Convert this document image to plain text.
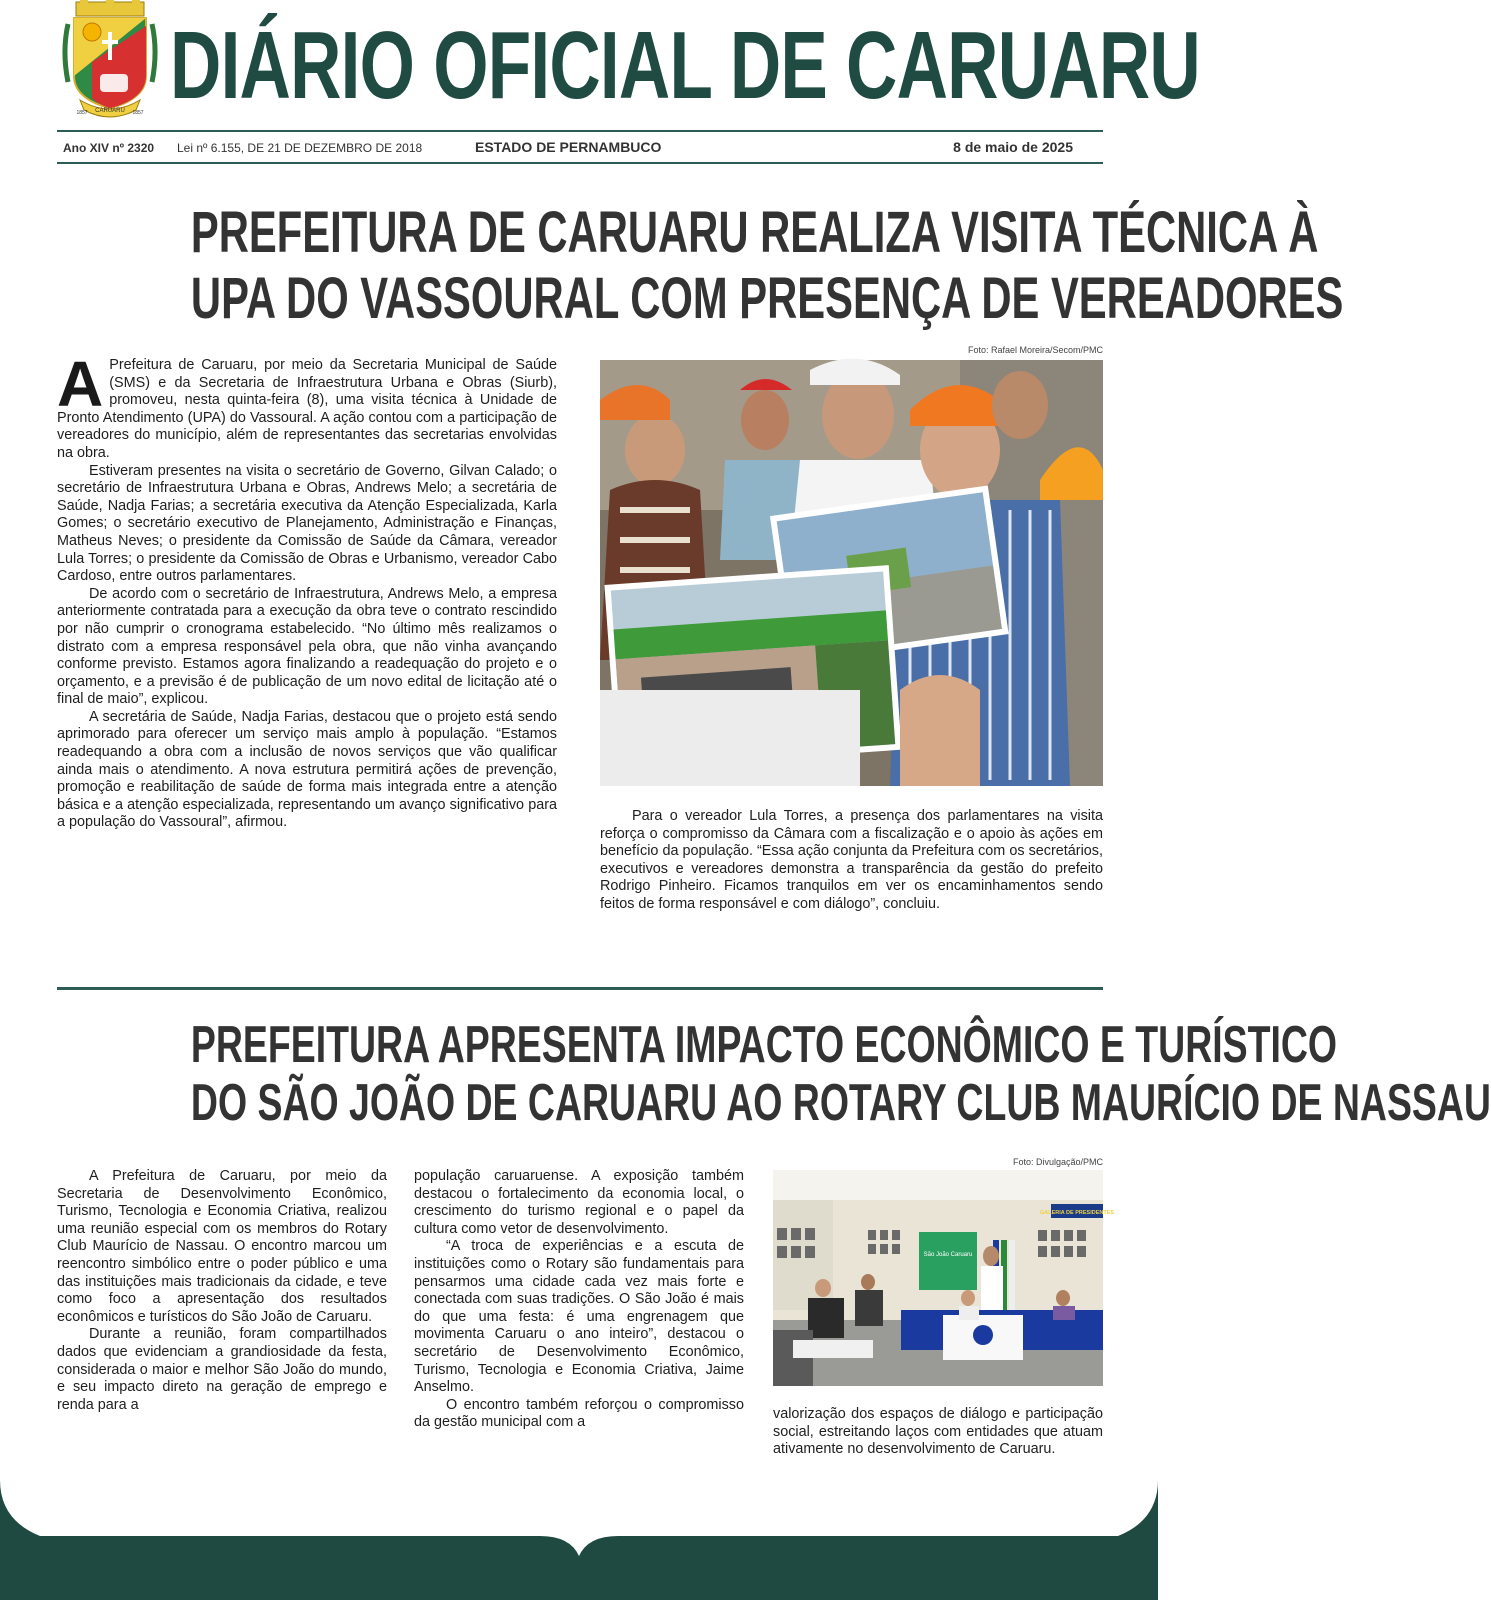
CARUARU
1857	1857 DIÁRIO OFICIAL DE CARUARU
Ano XIV nº 2320 Lei nº 6.155, DE 21 DE DEZEMBRO DE 2018	ESTADO DE PERNAMBUCO	8 de maio de 2025
PREFEITURA DE CARUARU REALIZA VISITA TÉCNICA À
UPA DO VASSOURAL COM PRESENÇA DE VEREADORES
Foto: Rafael Moreira/Secom/PMC

A Prefeitura de Caruaru, por meio da Secretaria Municipal de Saúde (SMS) e da Secretaria de Infraestrutura Urbana e Obras (Siurb), promoveu, nesta quinta-feira (8), uma visita técnica à Unidade de Pronto Atendimento (UPA) do Vassoural. A ação contou com a participação de vereadores do município, além de representantes das secretarias envolvidas na obra.

Estiveram presentes na visita o secretário de Governo, Gilvan Calado; o secretário de Infraestrutura Urbana e Obras, Andrews Melo; a secretária de Saúde, Nadja Farias; a secretária executiva da Atenção Especializada, Karla Gomes; o secretário executivo de Planejamento, Administração e Finanças, Matheus Neves; o presidente da Comissão de Saúde da Câmara, vereador Lula Torres; o presidente da Comissão de Obras e Urbanismo, vereador Cabo Cardoso, entre outros parlamentares.

De acordo com o secretário de Infraestrutura, Andrews Melo, a empresa anteriormente contratada para a execução da obra teve o contrato rescindido por não cumprir o cronograma estabelecido. “No último mês realizamos o distrato com a empresa responsável pela obra, que não vinha avançando conforme previsto. Estamos agora finalizando a readequação do projeto e o orçamento, e a previsão é de publicação de um novo edital de licitação até o final de maio”, explicou.

A secretária de Saúde, Nadja Farias, destacou que o projeto está sendo aprimorado para oferecer um serviço mais amplo à população. “Estamos readequando a obra com a inclusão de novos serviços que vão qualificar ainda mais o atendimento. A nova estrutura permitirá ações de prevenção, promoção e reabilitação de saúde de forma mais integrada entre a atenção básica e a atenção especializada, representando um avanço significativo para a população do Vassoural”, afirmou.	Para o vereador Lula Torres, a presença dos parlamentares na visita reforça o compromisso da Câmara com a fiscalização e o apoio às ações em benefício da população. “Essa ação conjunta da Prefeitura com os secretários, executivos e vereadores demonstra a transparência da gestão do prefeito Rodrigo Pinheiro. Ficamos tranquilos em ver os encaminhamentos sendo feitos de forma responsável e com diálogo”, concluiu.

PREFEITURA APRESENTA IMPACTO ECONÔMICO E TURÍSTICO
DO SÃO JOÃO DE CARUARU AO ROTARY CLUB MAURÍCIO DE NASSAU
Foto: Divulgação/PMC

A Prefeitura de Caruaru, por meio da Secretaria de Desenvolvimento Econômico, Turismo, Tecnologia e Economia Criativa, realizou uma reunião especial com os membros do Rotary Club Maurício de Nassau. O encontro marcou um reencontro simbólico entre o poder público e uma das instituições mais tradicionais da cidade, e teve como foco a apresentação dos resultados econômicos e turísticos do São João de Caruaru.

Durante a reunião, foram compartilhados dados que evidenciam a grandiosidade da festa, considerada o maior e melhor São João do mundo, e seu impacto direto na geração de emprego e renda para a

população caruaruense. A exposição também destacou o fortalecimento da economia local, o crescimento do turismo regional e o papel da cultura como vetor de desenvolvimento.

“A troca de experiências e a escuta de instituições como o Rotary são fundamentais para pensarmos uma cidade cada vez mais forte e conectada com suas tradições. O São João é mais do que uma festa: é uma engrenagem que movimenta Caruaru o ano inteiro”, destacou o secretário de Desenvolvimento Econômico, Turismo, Tecnologia e Economia Criativa, Jaime Anselmo.

O encontro também reforçou o compromisso da gestão municipal com a

GALERIA DE PRESIDENTES
São João Caruaru

valorização dos espaços de diálogo e participação social, estreitando laços com entidades que atuam ativamente no desenvolvimento de Caruaru.
